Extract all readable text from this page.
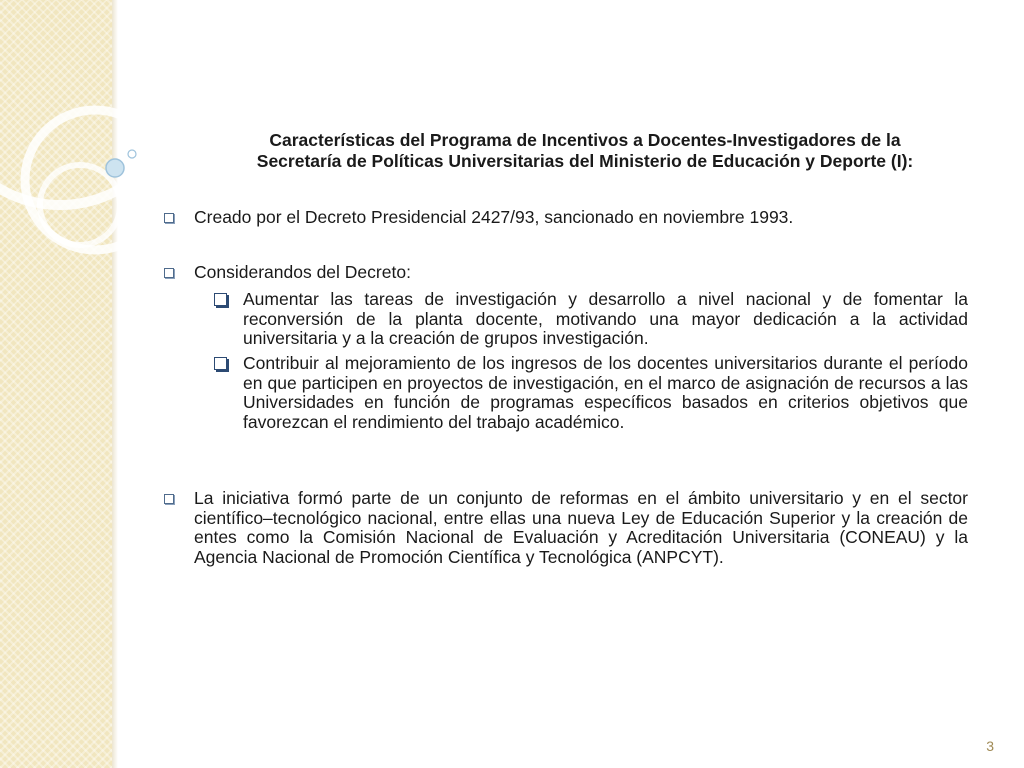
Características del Programa de Incentivos a Docentes-Investigadores de la
Secretaría de Políticas Universitarias del Ministerio de Educación y Deporte (I):
Creado por el Decreto Presidencial 2427/93, sancionado en noviembre 1993.
Considerandos del Decreto:
Aumentar las tareas de investigación y desarrollo a nivel nacional y de fomentar la reconversión de la planta docente, motivando una mayor dedicación a la actividad universitaria y a la creación de grupos investigación.
Contribuir al mejoramiento de los ingresos de los docentes universitarios durante el período en que participen en proyectos de investigación, en el marco de asignación de recursos a las Universidades en función de programas específicos basados en criterios objetivos que favorezcan el rendimiento del trabajo académico.
La iniciativa formó parte de un conjunto de reformas en el ámbito universitario y en el sector científico–tecnológico nacional, entre ellas una nueva Ley de Educación Superior y la creación de entes como la Comisión Nacional de Evaluación y Acreditación Universitaria (CONEAU) y la Agencia Nacional de Promoción Científica y Tecnológica (ANPCYT).
3
